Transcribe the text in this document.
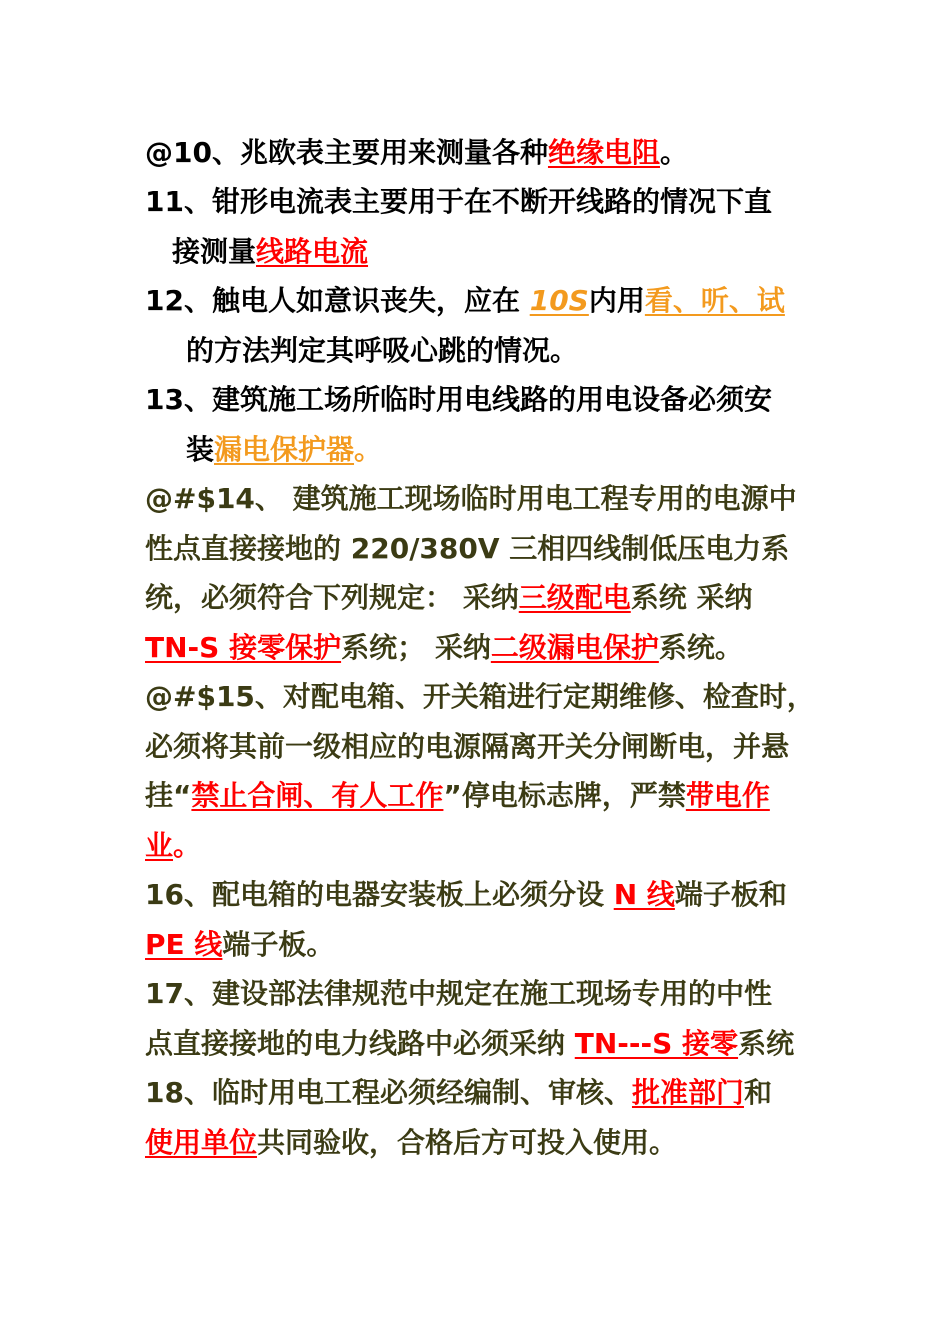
@10、兆欧表主要用来测量各种绝缘电阻。
11、钳形电流表主要用于在不断开线路的情况下直
接测量线路电流
12、触电人如意识丧失，应在 10S内用看、听、试
的方法判定其呼吸心跳的情况。
13、建筑施工场所临时用电线路的用电设备必须安
装漏电保护器。
@#$14、 建筑施工现场临时用电工程专用的电源中
性点直接接地的 220/380V 三相四线制低压电力系
统，必须符合下列规定： 采纳三级配电系统 采纳
TN-S 接零保护系统； 采纳二级漏电保护系统。
@#$15、对配电箱、开关箱进行定期维修、检查时，
必须将其前一级相应的电源隔离开关分闸断电，并悬
挂“禁止合闸、有人工作”停电标志牌，严禁带电作
业。
16、配电箱的电器安装板上必须分设 N 线端子板和
PE 线端子板。
17、建设部法律规范中规定在施工现场专用的中性
点直接接地的电力线路中必须采纳 TN---S 接零系统
18、临时用电工程必须经编制、审核、批准部门和
使用单位共同验收，合格后方可投入使用。
